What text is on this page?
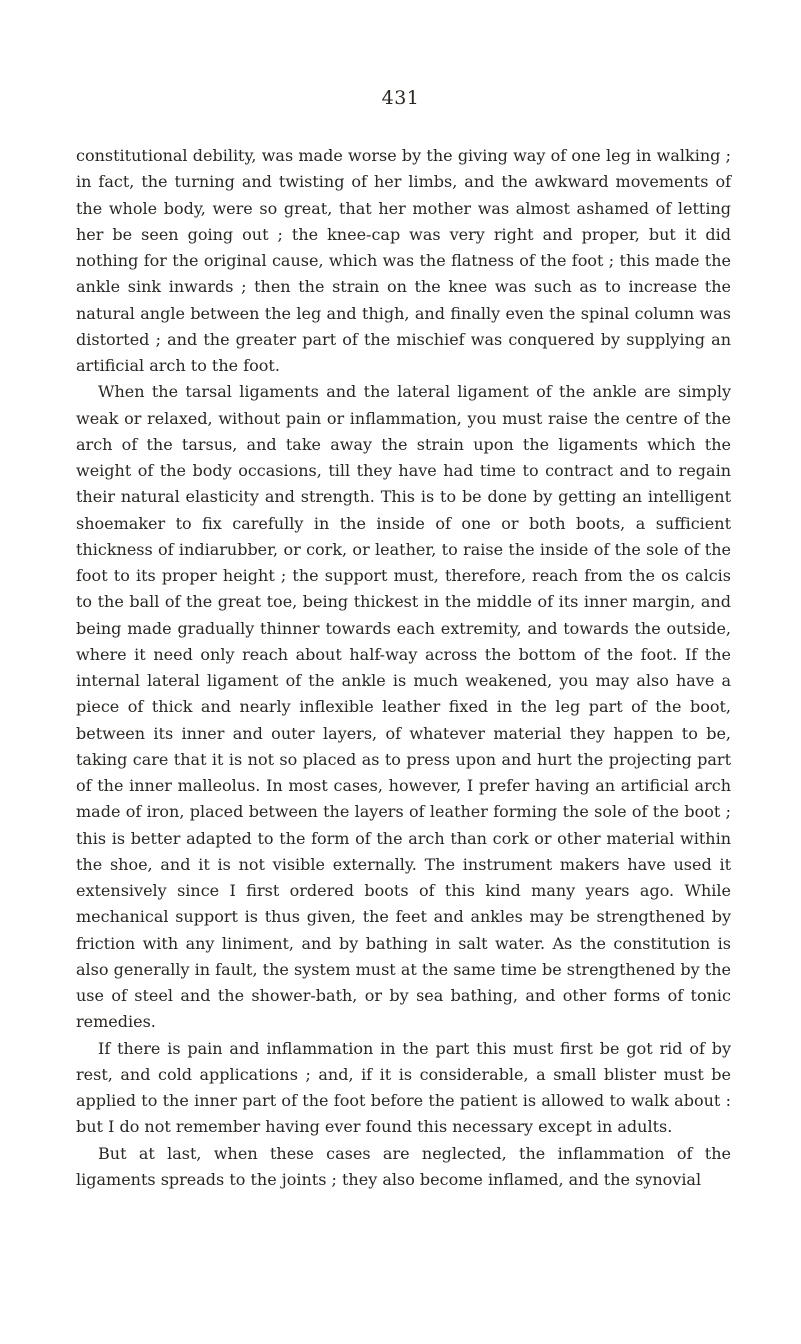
431

constitutional debility, was made worse by the giving way of one leg in walking ; in fact, the turning and twisting of her limbs, and the awkward movements of the whole body, were so great, that her mother was almost ashamed of letting her be seen going out ; the knee-cap was very right and proper, but it did nothing for the original cause, which was the flatness of the foot ; this made the ankle sink inwards ; then the strain on the knee was such as to increase the natural angle between the leg and thigh, and finally even the spinal column was distorted ; and the greater part of the mischief was conquered by supplying an artificial arch to the foot.

When the tarsal ligaments and the lateral ligament of the ankle are simply weak or relaxed, without pain or inflammation, you must raise the centre of the arch of the tarsus, and take away the strain upon the ligaments which the weight of the body occasions, till they have had time to contract and to regain their natural elasticity and strength. This is to be done by getting an intelligent shoemaker to fix carefully in the inside of one or both boots, a sufficient thickness of indiarubber, or cork, or leather, to raise the inside of the sole of the foot to its proper height ; the support must, therefore, reach from the os calcis to the ball of the great toe, being thickest in the middle of its inner margin, and being made gradually thinner towards each extremity, and towards the outside, where it need only reach about half-way across the bottom of the foot. If the internal lateral ligament of the ankle is much weakened, you may also have a piece of thick and nearly inflexible leather fixed in the leg part of the boot, between its inner and outer layers, of whatever material they happen to be, taking care that it is not so placed as to press upon and hurt the projecting part of the inner malleolus. In most cases, however, I prefer having an artificial arch made of iron, placed between the layers of leather forming the sole of the boot ; this is better adapted to the form of the arch than cork or other material within the shoe, and it is not visible externally. The instrument makers have used it extensively since I first ordered boots of this kind many years ago. While mechanical support is thus given, the feet and ankles may be strengthened by friction with any liniment, and by bathing in salt water. As the constitution is also generally in fault, the system must at the same time be strengthened by the use of steel and the shower-bath, or by sea bathing, and other forms of tonic remedies.

If there is pain and inflammation in the part this must first be got rid of by rest, and cold applications ; and, if it is considerable, a small blister must be applied to the inner part of the foot before the patient is allowed to walk about : but I do not remember having ever found this necessary except in adults.

But at last, when these cases are neglected, the inflammation of the ligaments spreads to the joints ; they also become inflamed, and the synovial
